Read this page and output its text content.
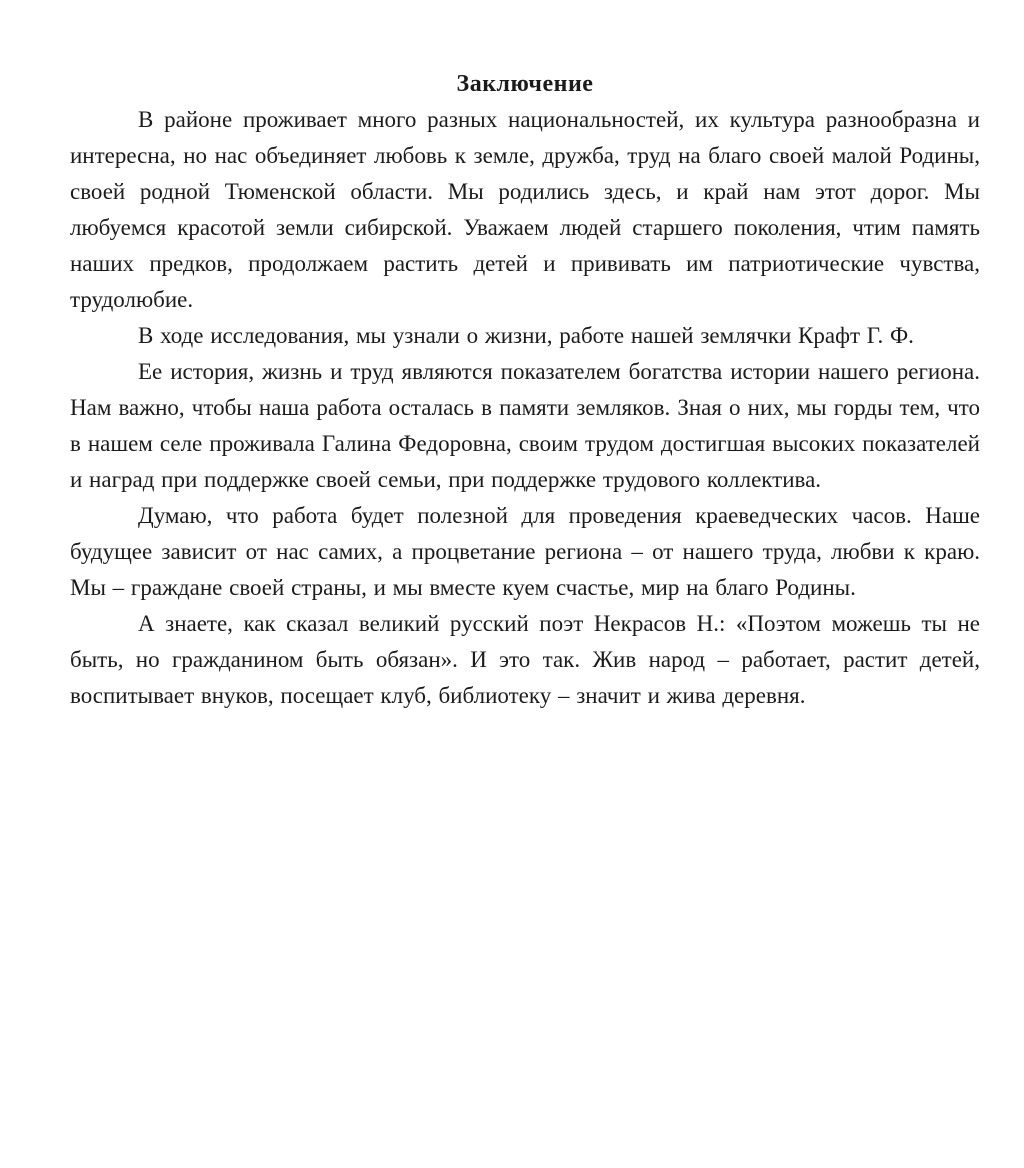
Заключение

В районе проживает много разных национальностей, их культура разнообразна и интересна, но нас объединяет любовь к земле, дружба, труд на благо своей малой Родины, своей родной Тюменской области. Мы родились здесь, и край нам этот дорог. Мы любуемся красотой земли сибирской. Уважаем людей старшего поколения, чтим память наших предков, продолжаем растить детей и прививать им патриотические чувства, трудолюбие.

В ходе исследования, мы узнали о жизни, работе нашей землячки Крафт Г. Ф.

Ее история, жизнь и труд являются показателем богатства истории нашего региона. Нам важно, чтобы наша работа осталась в памяти земляков. Зная о них, мы горды тем, что в нашем селе проживала Галина Федоровна, своим трудом достигшая высоких показателей и наград при поддержке своей семьи, при поддержке трудового коллектива.

Думаю, что работа будет полезной для проведения краеведческих часов. Наше будущее зависит от нас самих, а процветание региона – от нашего труда, любви к краю. Мы – граждане своей страны, и мы вместе куем счастье, мир на благо Родины.

А знаете, как сказал великий русский поэт Некрасов Н.: «Поэтом можешь ты не быть, но гражданином быть обязан». И это так. Жив народ – работает, растит детей, воспитывает внуков, посещает клуб, библиотеку – значит и жива деревня.
